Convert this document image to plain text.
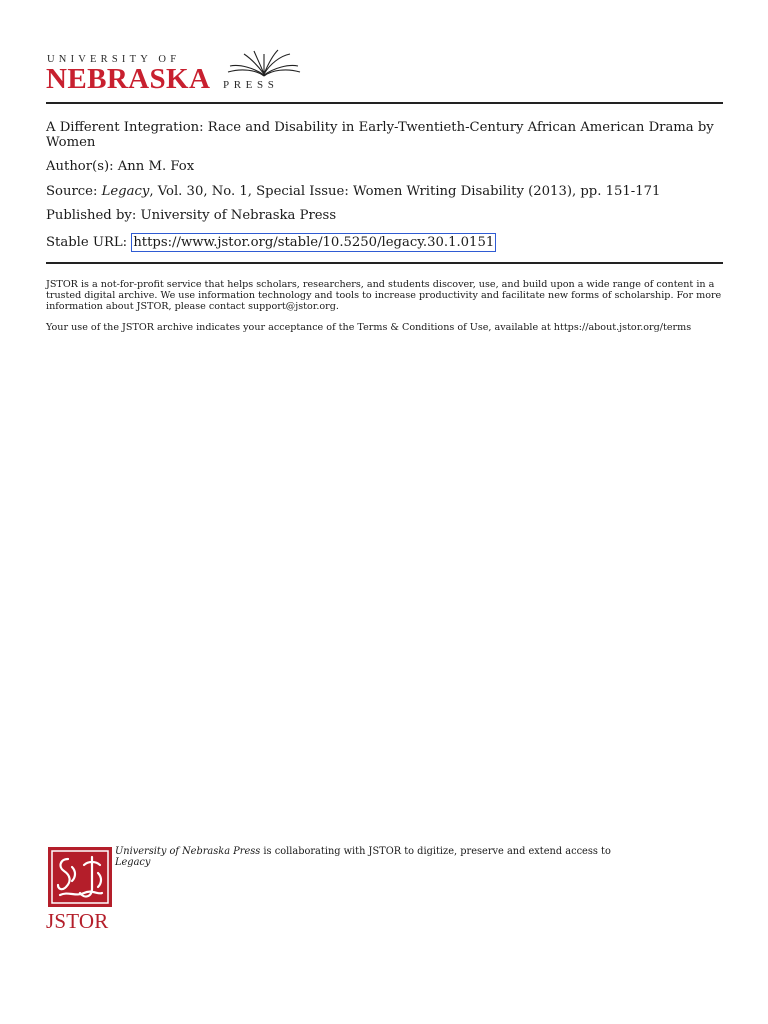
UNIVERSITY OF
NEBRASKA PRESS
A Different Integration: Race and Disability in Early-Twentieth-Century African American Drama by Women
Author(s): Ann M. Fox
Source: Legacy, Vol. 30, No. 1, Special Issue: Women Writing Disability (2013), pp. 151-171
Published by: University of Nebraska Press
Stable URL: https://www.jstor.org/stable/10.5250/legacy.30.1.0151
JSTOR is a not-for-profit service that helps scholars, researchers, and students discover, use, and build upon a wide range of content in a trusted digital archive. We use information technology and tools to increase productivity and facilitate new forms of scholarship. For more information about JSTOR, please contact support@jstor.org.
Your use of the JSTOR archive indicates your acceptance of the Terms & Conditions of Use, available at https://about.jstor.org/terms
JSTOR
University of Nebraska Press is collaborating with JSTOR to digitize, preserve and extend access to
Legacy
